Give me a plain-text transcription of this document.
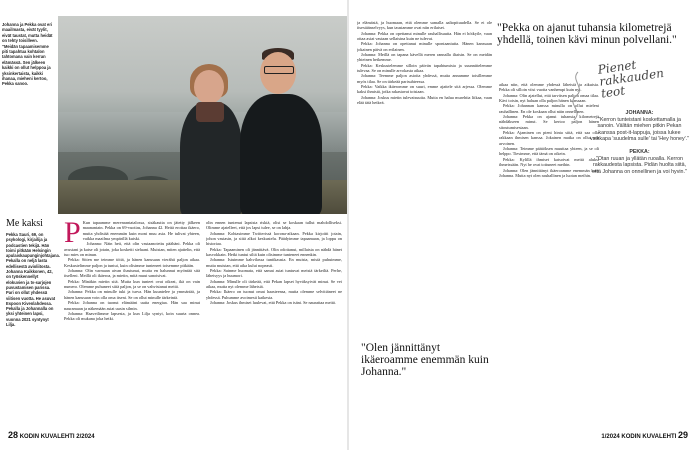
Johanna ja Pekka ovat eri maailmasta, eivät tyylit, eivät taustat, mutta heidät on tehty toisilleen. "Meidän tapaamisemme piti tapahtua kohtalon tahtomana vain kerran elämässä. Sen jälkeen kaikki on ollut helppoa ja yksinkertaista, kaikki ihanaa, mieheni kertoo, Pekka sanoo.
Me kaksi
Pekka Sauri, 69, on psykologi, kirjailija ja podcastien tekijä. Hän toimi pitkään Helsingin apulaiskaupunginjohtajana. Pekalla on neljä lasta edellisestä avioliitosta. Johanna Kaikkonen, 42, on työskennellyt elokuvien ja tv-sarjojen puvustamisen parissa. Pari on ollut yhdessä viitisen vuotta. He asuvat Espoon Kivenlahdessa. Pekalla ja Johannalla on yksi yhteinen lapsi, vuonna 2021 syntynyt Lilja.
P Kun tapaamme merenrantatalossa, sisäkautta on jätetty jälkeen maanantain. Pekka on 69-vuotias, Johanna 42. Heitä erottaa ikäero, mutta yhdistää enemmän kuin moni muu asia. He tulivat yhteen, vaikka maailma ympärillä kuiski.

Johanna: Näin heti, että olin vastaanotettu päähäni. Pekka oli avustani ja katse oli jotain, joka kosketti sieluani. Muistan, miten ajattelin, että tuo mies on minun.

Pekka: Sitten me teimme töitä, ja hänen kanssaan vierähti paljon aikaa. Keskustelimme paljon ja tuntui, kuin olisimme tunteneet toisemme pitkään.

Johanna: Olin varmaan aivan ihastunut, mutta en halunnut myöntää sitä itselleni. Meillä oli ikäeroa, ja mietin, mitä muut sanoisivat.

Pekka: Minäkin mietin sitä. Mutta kun tunteet ovat oikeat, ikä on vain numero. Olemme puhuneet siitä paljon, ja se on vahvistanut meitä.

Johanna: Pekka on minulle tuki ja turva. Hän kuuntelee ja ymmärtää, ja hänen kanssaan voin olla oma itseni. Se on ollut minulle tärkeintä.

Pekka: Johanna on tuonut elämääni uutta energiaa. Hän saa minut nauramaan ja näkemään asiat uusin silmin.

Johanna: Haaveilimme lapsesta, ja kun Lilja syntyi, koin suurta onnea. Pekka oli mukana joka hetki.

olin ennen tuntenut lapsista riskiä, olisi se koskaan tullut mahdolliseksi. Olimme ajatelleet, että jos lapsi tulee, se on lahja.

Johanna: Kohtasimme Twitterissä korona-aikaan. Pekka kirjoitti jotain, johon vastasin, ja siitä alkoi keskustelu. Päädyimme tapaamaan, ja loppu on historiaa.

Pekka: Tapaaminen oli jännittävä. Olin odottanut, millaista on nähdä hänet kasvokkain. Hetki tuntui siltä kuin olisimme tunteneet ennenkin.

Johanna: Istuimme kahvilassa tuntikausia. En muista, mistä puhuimme, mutta muistan, että aika kului nopeasti.

Pekka: Sainme huomata, että samat asiat tuntuvat meistä tärkeiltä. Perhe, läheisyys ja huumori.

Johanna: Minulle oli tärkeää, että Pekan lapset hyväksyivät minut. Se vei aikaa, mutta nyt olemme läheisiä.

Pekka: Ikäero on tuonut omat haasteensa, mutta olemme selvittäneet ne yhdessä. Puhumme avoimesti kaikesta.

Johanna: Joskus ihmiset luulevat, että Pekka on isäni. Se naurattaa meitä.

28 KODIN KUVALEHTI 2/2024

ja elämästä, ja huomaan, että olemme samalla aaltopituudella. Se ei ole itsestäänselvyys, kun taustamme ovat niin erilaiset.

Johanna: Pekka on opettanut minulle rauhallisuutta. Hän ei hötkyile, vaan ottaa asiat vastaan sellaisina kuin ne tulevat.

Pekka: Johanna on opettanut minulle spontaaniutta. Hänen kanssaan jokainen päivä on erilainen.

Johanna: Meillä on tapana kävellä meren rannalla iltaisin. Se on meidän yhteinen hetkemme.

Pekka: Keskustelemme silloin päivän tapahtumista ja suunnittelemme tulevaa. Se on minulle arvokasta aikaa.

Johanna: Teemme paljon asioita yhdessä, mutta annamme toisillemme myös tilaa. Se on tärkeää parisuhteessa.

Pekka: Vaikka ikäeromme on suuri, emme ajattele sitä arjessa. Olemme kaksi ihmistä, jotka rakastavat toisiaan.

Johanna: Joskus mietin tulevaisuutta. Mutta en halua murehtia liikaa, vaan elää tätä hetkeä.

"Olen jännittänyt ikäeroamme enemmän kuin Johanna."
"Pekka on ajanut tuhansia kilometrejä yhdellä, toinen kävi minun polvellani."

aikaa niin, että olemme yhdessä läheisiä ja aikuisia. Pekka oli silloin viisi vuotta vanhempi kuin nyt.

Johanna: Olin ajatellut, että tarvitsen paljon omaa tilaa. Kävi toisin, nyt haluan olla paljon hänen kanssaan.

Pekka: Johannan kanssa minulla on ollut mieleni rauhallinen. En ole koskaan ollut näin onnellinen.

Johanna: Pekka on ajanut tuhansia kilometrejä nähdäkseen minut. Se kertoo paljon hänen sitoutumisestaan.

Pekka: Ajaminen on pieni hinta siitä, että saa olla rakkaan ihmisen kanssa. Jokainen matka on ollut sen arvoinen.

Johanna: Teimme päätöksen muuttaa yhteen, ja se oli helppo. Tiesimme, että tämä on oikein.

Pekka: Kylillä ihmiset katsoivat meitä aluksi ihmeissään. Nyt he ovat tottuneet meihin.

Johanna: Olen jännittänyt ikäeroamme enemmän kuin Johanna. Mutta nyt olen rauhallinen ja luotan meihin.

1/2024 KODIN KUVALEHTI 29
Pienet rakkauden teot
JOHANNA:
"Kerron tunteistani koskettamalla ja sanoin. Välitän miehen pitkin Pekan kanssa post-it-lappuja, joissa lukee vaikkapa 'suudelma sulle' tai 'Hey honey'."
PEKKA:
"Otan ruuan ja yllätän ruoalla. Kerron rakkaudesta lapsista. Pidän huolta siitä, että Johanna on onnellinen ja voi hyvin."
